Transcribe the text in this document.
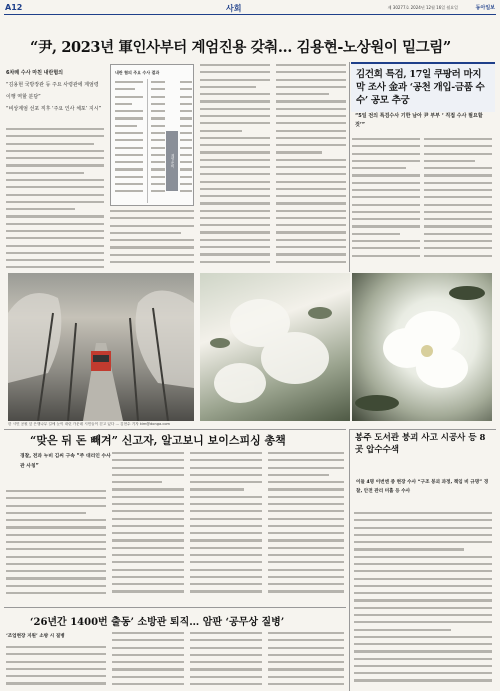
A12	사회	제 30277호 2024년 12월 16일 월요일	동아일보
“尹, 2023년 軍인사부터 계엄진용 갖춰… 김용현-노상원이 밑그림”
6차례 수사 마친 내란혐의
“김용현 국방장관 등 주요 사령관에 계엄령 이행 역할 분담”
“비상계엄 선포 직후 ‘주요 인사 체포’ 지시”
내란 혐의 주요 수사 결과
계엄 준비
김건희 특검, 17일 쿠팡러 마지막 조사 金과 ‘공천 개입-금품 수수’ 공모 추궁
“5일 전의 특검수사 기한 남아 尹 부부 ‘ 직접 수사 필요할 것’”
한 시민 공원 앞 은행나무 길에 눈이 내린 가운데 시민들이 걷고 있다 … 김현수 기자 kim@donga.com
“맞은 뒤 돈 빼겨” 신고자, 알고보니 보이스피싱 총책
경찰, 전과 누비 김씨 구속 “주 대리인 수사관 사칭”
‘26년간 1400번 출동’ 소방관 퇴직… 암판 ‘공무상 질병’
‘조업현장 지원’ 소방 시 질병
봉주 도서관 붕괴 사고 시공사 등 8곳 압수수색
이들 4명 이번엔 중 현장 수사 “구조 붕괴 과정, 책임 비 규명” 경찰, 안전 관리 미흡 등 수사
